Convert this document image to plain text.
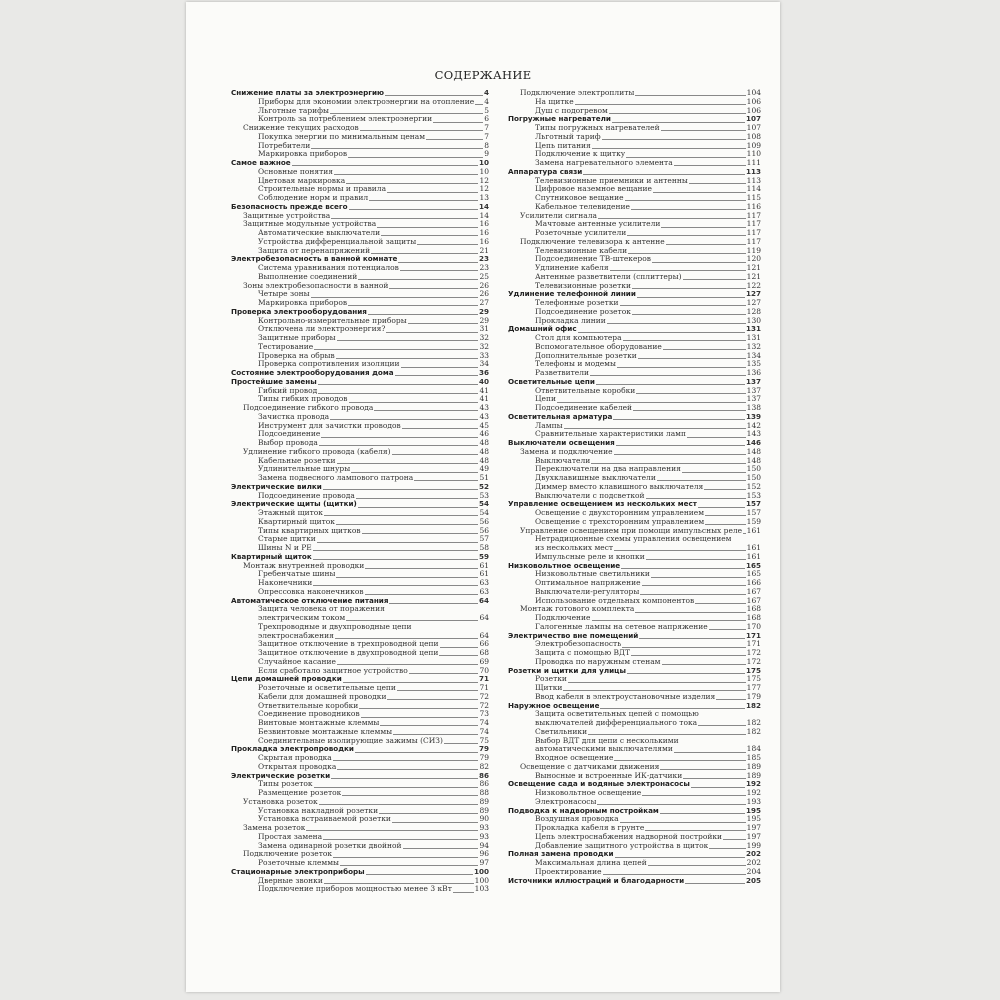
СОДЕРЖАНИЕ
Снижение платы за электроэнергию	4
Приборы для экономии электроэнергии на отопление 4
Льготные тарифы	5
Контроль за потреблением электроэнергии	6
Снижение текущих расходов	7
Покупка энергии по минимальным ценам	7
Потребители	8
Маркировка приборов	9
Самое важное	10
Основные понятия	10
Цветовая маркировка	12
Строительные нормы и правила	12
Соблюдение норм и правил	13
Безопасность прежде всего	14
Защитные устройства	14
Защитные модульные устройства	16
Автоматические выключатели	16
Устройства дифференциальной защиты	16
Защита от перенапряжений	21
Электробезопасность в ванной комнате	23
Система уравнивания потенциалов	23
Выполнение соединений	25
Зоны электробезопасности в ванной	26
Четыре зоны	26
Маркировка приборов	27
Проверка электрооборудования	29
Контрольно-измерительные приборы	29
Отключена ли электроэнергия?	31
Защитные приборы	32
Тестирование	32
Проверка на обрыв	33
Проверка сопротивления изоляции	34
Состояние электрооборудования дома	36
Простейшие замены	40
Гибкий провод	41
Типы гибких проводов	41
Подсоединение гибкого провода	43
Зачистка провода	43
Инструмент для зачистки проводов	45
Подсоединение	46
Выбор провода	48
Удлинение гибкого провода (кабеля)	48
Кабельные розетки	48
Удлинительные шнуры	49
Замена подвесного лампового патрона	51
Электрические вилки	52
Подсоединение провода	53
Электрические щиты (щитки)	54
Этажный щиток	54
Квартирный щиток	56
Типы квартирных щитков	56
Старые щитки	57
Шины N и РЕ	58
Квартирный щиток	59
Монтаж внутренней проводки	61
Гребенчатые шины	61
Наконечники	63
Опрессовка наконечников	63
Автоматическое отключение питания	64
Защита человека от поражения
электрическим током	64
Трехпроводные и двухпроводные цепи
электроснабжения	64
Защитное отключение в трехпроводной цепи	66
Защитное отключение в двухпроводной цепи	68
Случайное касание	69
Если сработало защитное устройство	70
Цепи домашней проводки	71
Розеточные и осветительные цепи	71
Кабели для домашней проводки	72
Ответвительные коробки	72
Соединение проводников	73
Винтовые монтажные клеммы	74
Безвинтовые монтажные клеммы	74
Соединительные изолирующие зажимы (СИЗ)	75
Прокладка электропроводки	79
Скрытая проводка	79
Открытая проводка	82
Электрические розетки	86
Типы розеток	86
Размещение розеток	88
Установка розеток	89
Установка накладной розетки	89
Установка встраиваемой розетки	90
Замена розеток	93
Простая замена	93
Замена одинарной розетки двойной	94
Подключение розеток	96
Розеточные клеммы	97
Стационарные электроприборы	100
Дверные звонки	100
Подключение приборов мощностью менее 3 кВт	103
Подключение электроплиты	104
На щитке	106
Душ с подогревом	106
Погружные нагреватели	107
Типы погружных нагревателей	107
Льготный тариф	108
Цепь питания	109
Подключение к щитку	110
Замена нагревательного элемента	111
Аппаратура связи	113
Телевизионные приемники и антенны	113
Цифровое наземное вещание	114
Спутниковое вещание	115
Кабельное телевидение	116
Усилители сигнала	117
Мачтовые антенные усилители	117
Розеточные усилители	117
Подключение телевизора к антенне	117
Телевизионные кабели	119
Подсоединение ТВ-штекеров	120
Удлинение кабеля	121
Антенные разветвители (сплиттеры)	121
Телевизионные розетки	122
Удлинение телефонной линии	127
Телефонные розетки	127
Подсоединение розеток	128
Прокладка линии	130
Домашний офис	131
Стол для компьютера	131
Вспомогательное оборудование	132
Дополнительные розетки	134
Телефоны и модемы	135
Разветвители	136
Осветительные цепи	137
Ответвительные коробки	137
Цепи	137
Подсоединение кабелей	138
Осветительная арматура	139
Лампы	142
Сравнительные характеристики ламп	143
Выключатели освещения	146
Замена и подключение	148
Выключатели	148
Переключатели на два направления	150
Двухклавишные выключатели	150
Диммер вместо клавишного выключателя	152
Выключатели с подсветкой	153
Управление освещением из нескольких мест	157
Освещение с двухсторонним управлением	157
Освещение с трехсторонним управлением	159
Управление освещением при помощи импульсных реле 161
Нетрадиционные схемы управления освещением
из нескольких мест	161
Импульсные реле и кнопки	161
Низковольтное освещение	165
Низковольтные светильники	165
Оптимальное напряжение	166
Выключатели-регуляторы	167
Использование отдельных компонентов	167
Монтаж готового комплекта	168
Подключение	168
Галогенные лампы на сетевое напряжение	170
Электричество вне помещений	171
Электробезопасность	171
Защита с помощью ВДТ	172
Проводка по наружным стенам	172
Розетки и щитки для улицы	175
Розетки	175
Щитки	177
Ввод кабеля в электроустановочные изделия	179
Наружное освещение	182
Защита осветительных цепей с помощью
выключателей дифференциального тока	182
Светильники	182
Выбор ВДТ для цепи с несколькими
автоматическими выключателями	184
Входное освещение	185
Освещение с датчиками движения	189
Выносные и встроенные ИК-датчики	189
Освещение сада и водяные электронасосы	192
Низковольтное освещение	192
Электронасосы	193
Подводка к надворным постройкам	195
Воздушная проводка	195
Прокладка кабеля в грунте	197
Цепь электроснабжения надворной постройки	197
Добавление защитного устройства в щиток	199
Полная замена проводки	202
Максимальная длина цепей	202
Проектирование	204
Источники иллюстраций и благодарности	205
